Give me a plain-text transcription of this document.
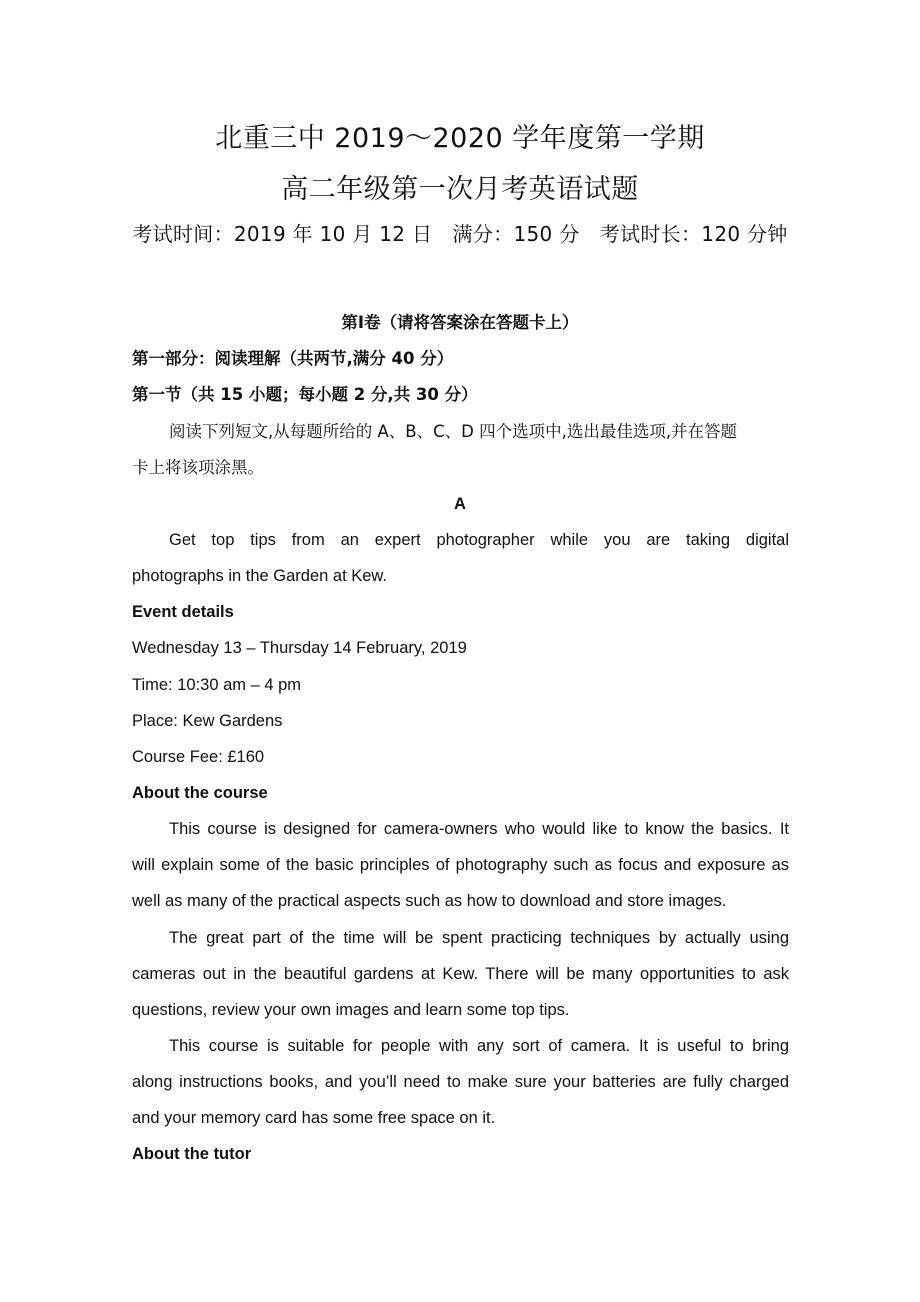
北重三中 2019～2020 学年度第一学期
高二年级第一次月考英语试题
考试时间：2019 年 10 月 12 日　满分：150 分　考试时长：120 分钟
第Ⅰ卷（请将答案涂在答题卡上）
第一部分：阅读理解（共两节,满分 40 分）
第一节（共 15 小题；每小题 2 分,共 30 分）
阅读下列短文,从每题所给的 A、B、C、D 四个选项中,选出最佳选项,并在答题
卡上将该项涂黑。
A
Get top tips from an expert photographer while you are taking digital
photographs in the Garden at Kew.
Event details
Wednesday 13 – Thursday 14 February, 2019
Time: 10:30 am – 4 pm
Place: Kew Gardens
Course Fee: £160
About the course
This course is designed for camera-owners who would like to know the basics. It
will explain some of the basic principles of photography such as focus and exposure as
well as many of the practical aspects such as how to download and store images.
The great part of the time will be spent practicing techniques by actually using
cameras out in the beautiful gardens at Kew. There will be many opportunities to ask
questions, review your own images and learn some top tips.
This course is suitable for people with any sort of camera. It is useful to bring
along instructions books, and you’ll need to make sure your batteries are fully charged
and your memory card has some free space on it.
About the tutor
